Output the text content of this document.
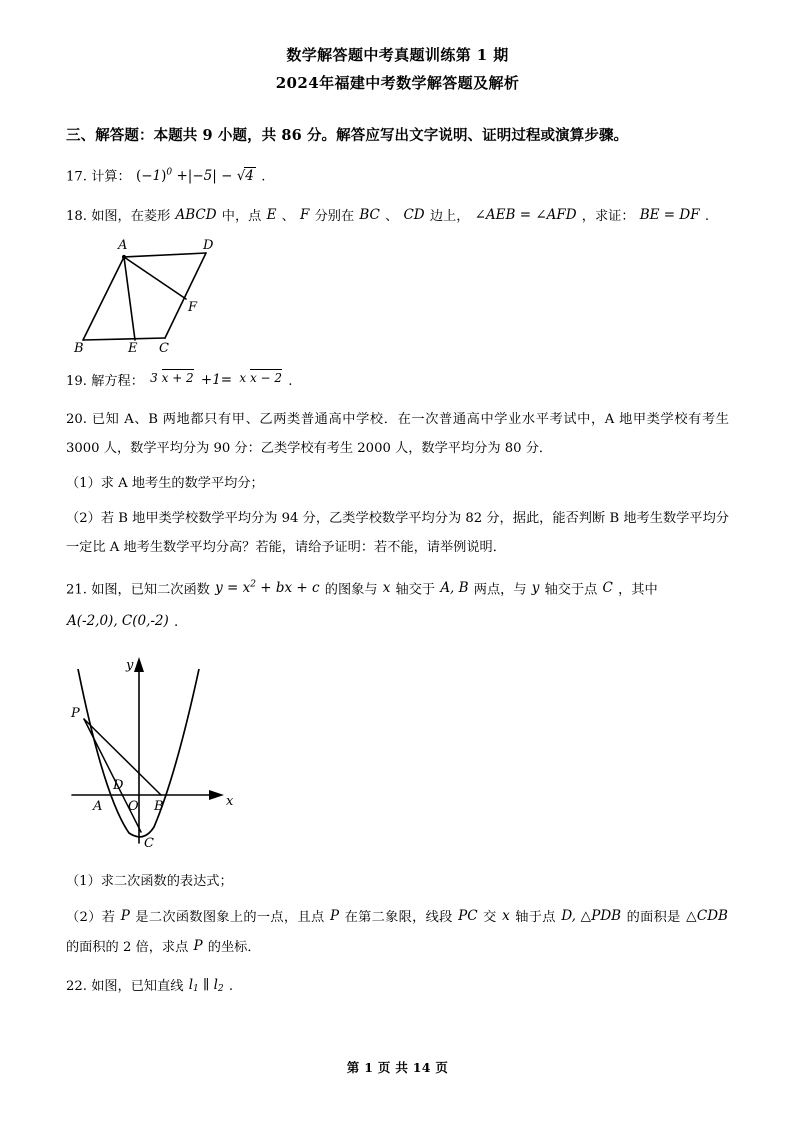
数学解答题中考真题训练第 1 期
2024年福建中考数学解答题及解析
三、解答题：本题共 9 小题，共 86 分。解答应写出文字说明、证明过程或演算步骤。
17. 计算： $(-1)^0 +|-5| - √4$ .
18. 如图，在菱形 ABCD 中，点 E 、 F 分别在 BC 、 CD 边上， ∠AEB = ∠AFD ，求证： BE = DF .
A	D
F
B	E C
19. 解方程： 3 x + 2 +1= x x − 2 .
20. 已知 A、B 两地都只有甲、乙两类普通高中学校．在一次普通高中学业水平考试中，A 地甲类学校有考生 3000 人，数学平均分为 90 分：乙类学校有考生 2000 人，数学平均分为 80 分．
（1）求 A 地考生的数学平均分；
（2）若 B 地甲类学校数学平均分为 94 分，乙类学校数学平均分为 82 分，据此，能否判断 B 地考生数学平均分一定比 A 地考生数学平均分高？若能，请给予证明：若不能，请举例说明．
21. 如图，已知二次函数 $y = x^2$ + bx + c 的图象与 x 轴交于 A, B 两点，与 y 轴交于点 C ，其中
A(-2,0), C(0,-2) .
y
x
P
D
A O B
C
（1）求二次函数的表达式；
（2）若 P 是二次函数图象上的一点，且点 P 在第二象限，线段 PC 交 x 轴于点 D, △PDB 的面积是 △CDB 的面积的 2 倍，求点 P 的坐标．
22. 如图，已知直线 $l_1$ ∥ $l_2$ .
第 1 页 共 14 页
